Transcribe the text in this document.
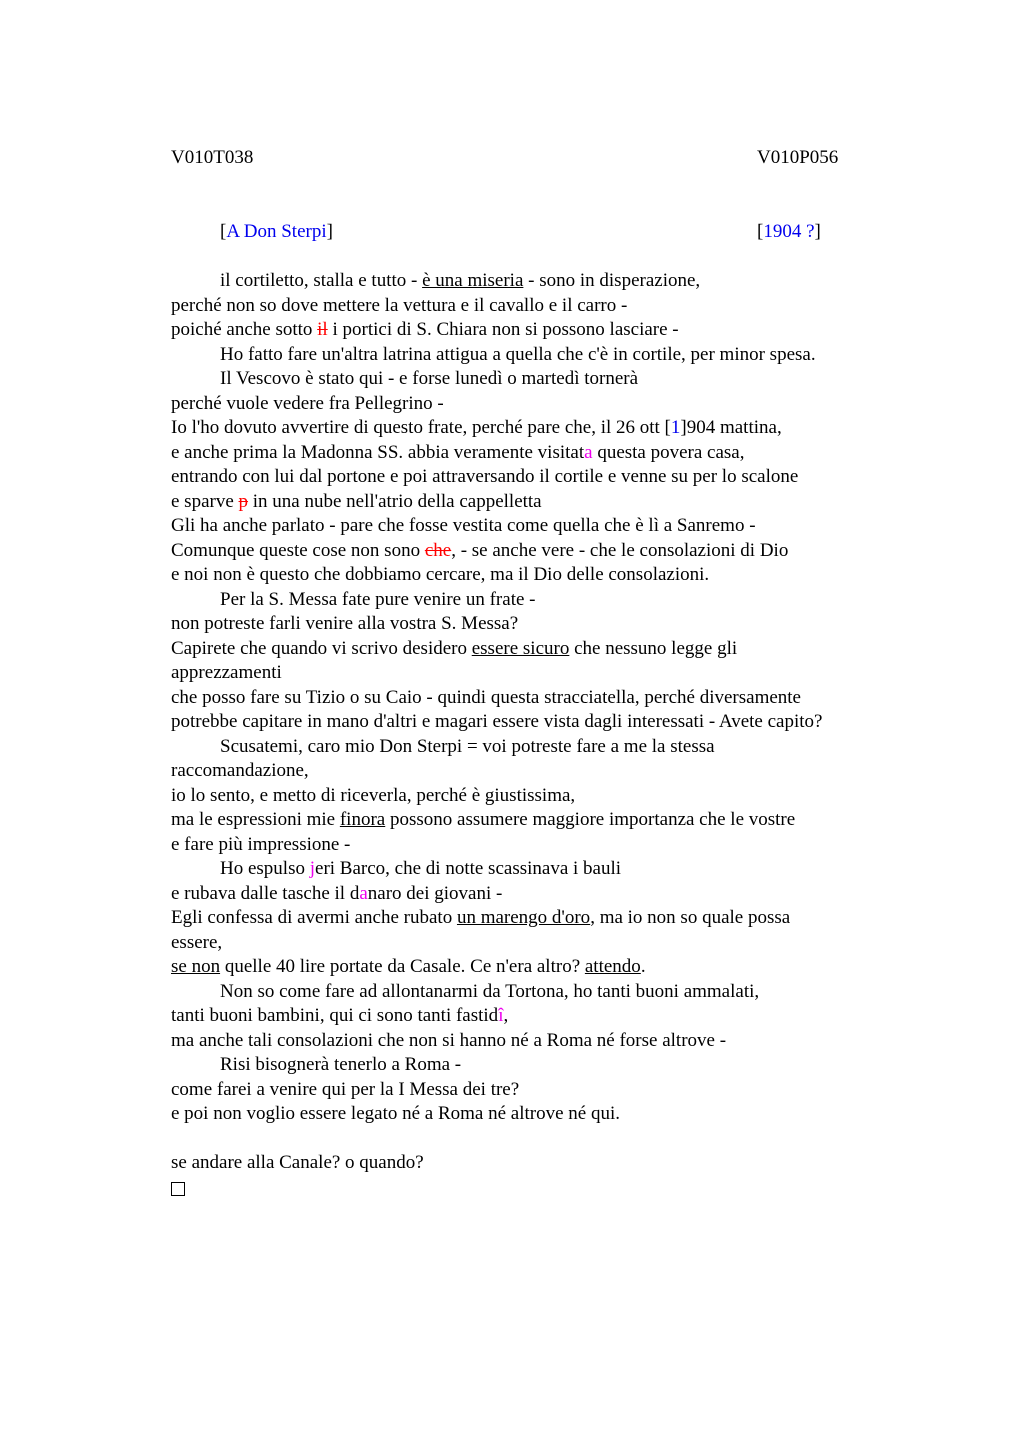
V010T038	V010P056
[A Don Sterpi]	[1904 ?]
il cortiletto, stalla e tutto - è una miseria - sono in disperazione,
perché non so dove mettere la vettura e il cavallo e il carro -
poiché anche sotto il i portici di S. Chiara non si possono lasciare -
Ho fatto fare un'altra latrina attigua a quella che c'è in cortile, per minor spesa.
Il Vescovo è stato qui - e forse lunedì o martedì tornerà
perché vuole vedere fra Pellegrino -
Io l'ho dovuto avvertire di questo frate, perché pare che, il 26 ott [1]904 mattina,
e anche prima la Madonna SS. abbia veramente visitata questa povera casa,
entrando con lui dal portone e poi attraversando il cortile e venne su per lo scalone
e sparve p in una nube nell'atrio della cappelletta
Gli ha anche parlato - pare che fosse vestita come quella che è lì a Sanremo -
Comunque queste cose non sono che, - se anche vere - che le consolazioni di Dio
e noi non è questo che dobbiamo cercare, ma il Dio delle consolazioni.
Per la S. Messa fate pure venire un frate -
non potreste farli venire alla vostra S. Messa?
Capirete che quando vi scrivo desidero essere sicuro che nessuno legge gli
apprezzamenti
che posso fare su Tizio o su Caio - quindi questa stracciatella, perché diversamente
potrebbe capitare in mano d'altri e magari essere vista dagli interessati - Avete capito?
Scusatemi, caro mio Don Sterpi = voi potreste fare a me la stessa
raccomandazione,
io lo sento, e metto di riceverla, perché è giustissima,
ma le espressioni mie finora possono assumere maggiore importanza che le vostre
e fare più impressione -
Ho espulso jeri Barco, che di notte scassinava i bauli
e rubava dalle tasche il danaro dei giovani -
Egli confessa di avermi anche rubato un marengo d'oro, ma io non so quale possa
essere,
se non quelle 40 lire portate da Casale. Ce n'era altro? attendo.
Non so come fare ad allontanarmi da Tortona, ho tanti buoni ammalati,
tanti buoni bambini, qui ci sono tanti fastidî,
ma anche tali consolazioni che non si hanno né a Roma né forse altrove -
Risi bisognerà tenerlo a Roma -
come farei a venire qui per la I Messa dei tre?
e poi non voglio essere legato né a Roma né altrove né qui.
se andare alla Canale? o quando?
